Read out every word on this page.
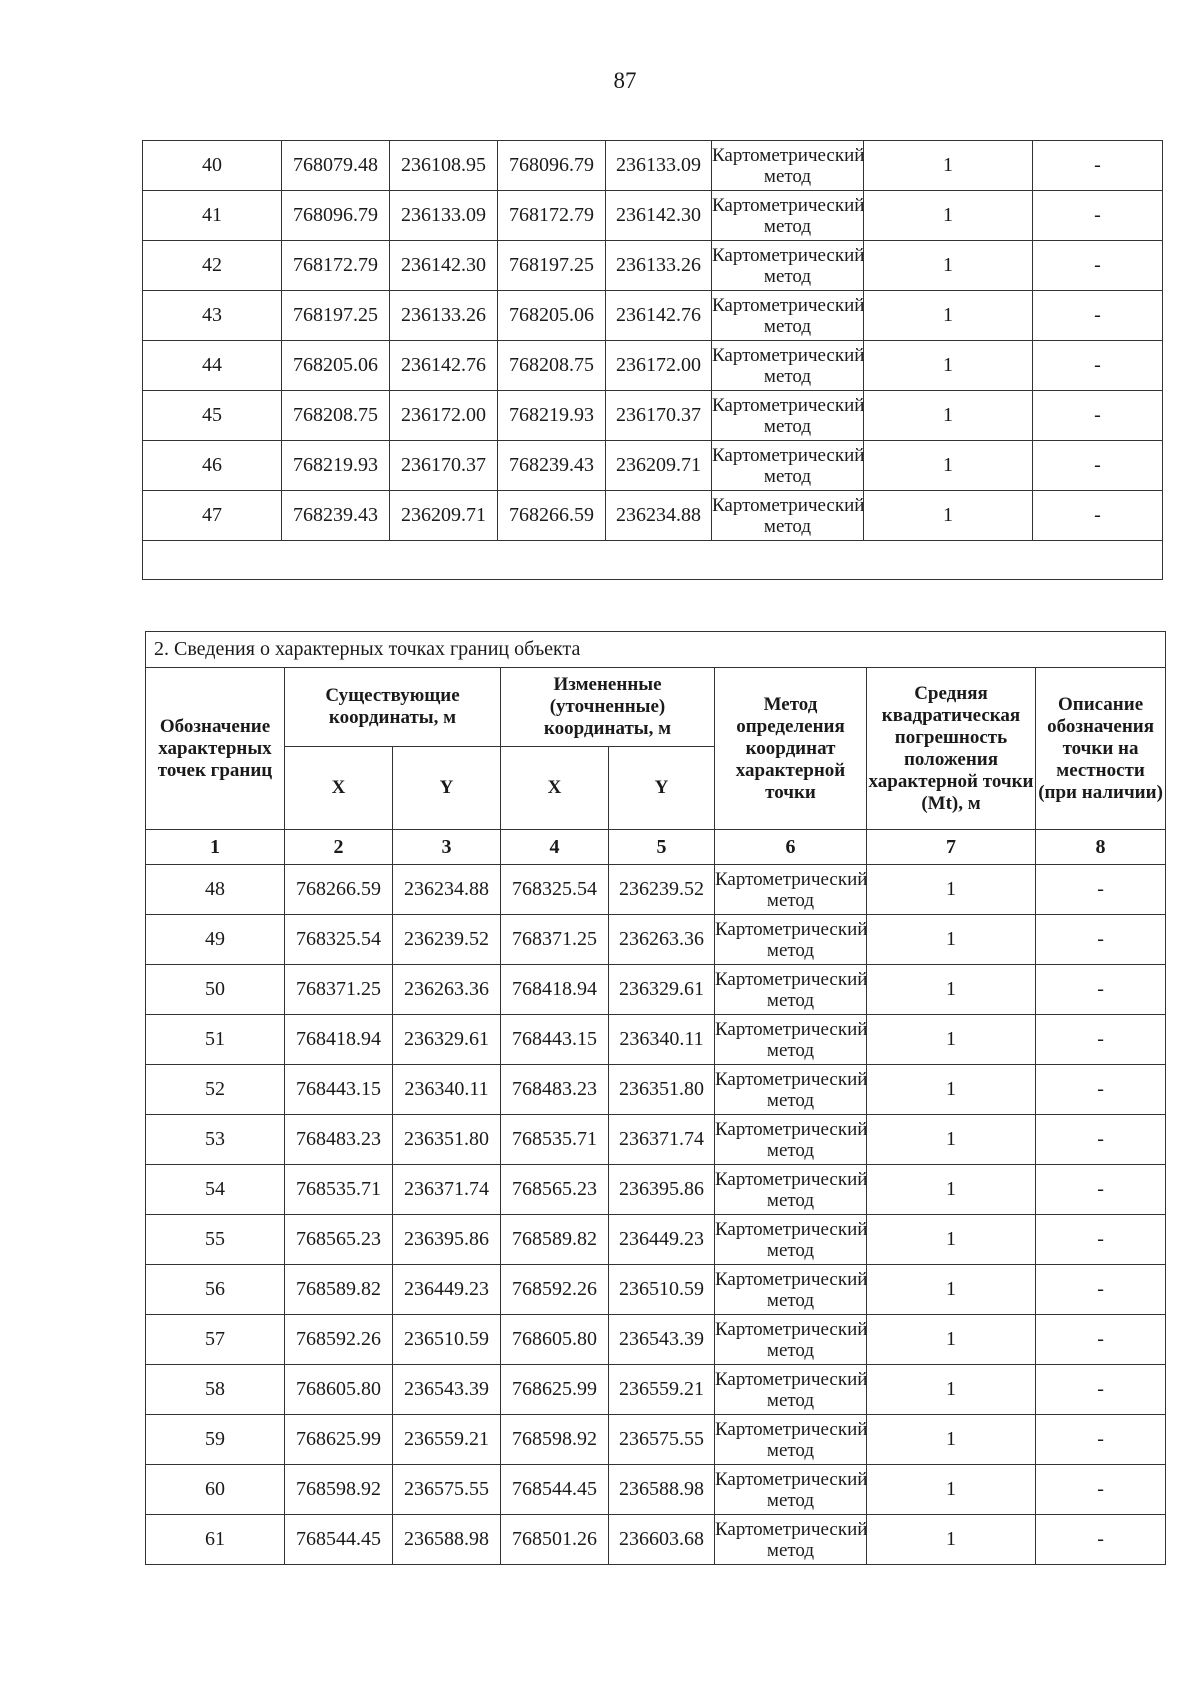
87
40	768079.48	236108.95	768096.79	236133.09	Картометрический метод	1	-
41	768096.79	236133.09	768172.79	236142.30	Картометрический метод	1	-
42	768172.79	236142.30	768197.25	236133.26	Картометрический метод	1	-
43	768197.25	236133.26	768205.06	236142.76	Картометрический метод	1	-
44	768205.06	236142.76	768208.75	236172.00	Картометрический метод	1	-
45	768208.75	236172.00	768219.93	236170.37	Картометрический метод	1	-
46	768219.93	236170.37	768239.43	236209.71	Картометрический метод	1	-
47	768239.43	236209.71	768266.59	236234.88	Картометрический метод	1	-

2. Сведения о характерных точках границ объекта							
Обозначение характерных точек границ	Существующие координаты, м		Измененные (уточненные) координаты, м		Метод определения координат характерной точки	Средняя квадратическая погрешность положения характерной точки (Mt), м	Описание обозначения точки на местности (при наличии)
	X	Y	X	Y			
1	2	3	4	5	6	7	8
48	768266.59	236234.88	768325.54	236239.52	Картометрический метод	1	-
49	768325.54	236239.52	768371.25	236263.36	Картометрический метод	1	-
50	768371.25	236263.36	768418.94	236329.61	Картометрический метод	1	-
51	768418.94	236329.61	768443.15	236340.11	Картометрический метод	1	-
52	768443.15	236340.11	768483.23	236351.80	Картометрический метод	1	-
53	768483.23	236351.80	768535.71	236371.74	Картометрический метод	1	-
54	768535.71	236371.74	768565.23	236395.86	Картометрический метод	1	-
55	768565.23	236395.86	768589.82	236449.23	Картометрический метод	1	-
56	768589.82	236449.23	768592.26	236510.59	Картометрический метод	1	-
57	768592.26	236510.59	768605.80	236543.39	Картометрический метод	1	-
58	768605.80	236543.39	768625.99	236559.21	Картометрический метод	1	-
59	768625.99	236559.21	768598.92	236575.55	Картометрический метод	1	-
60	768598.92	236575.55	768544.45	236588.98	Картометрический метод	1	-
61	768544.45	236588.98	768501.26	236603.68	Картометрический метод	1	-
